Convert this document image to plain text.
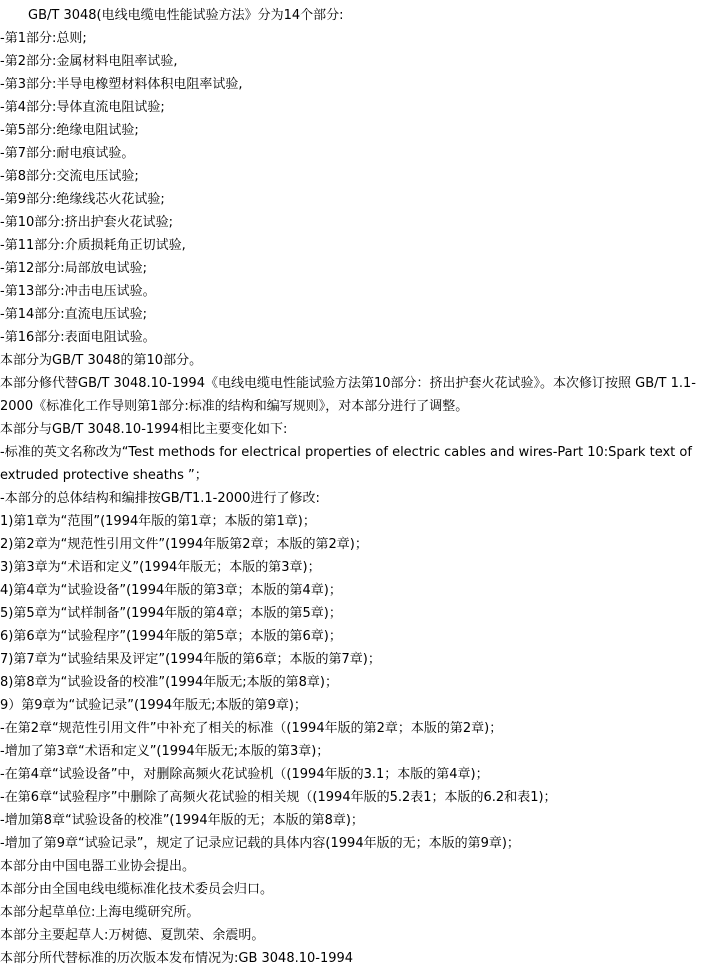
GB/T 3048(电线电缆电性能试验方法》分为14个部分:
-第1部分:总则;
-第2部分:金属材料电阻率试验,
-第3部分:半导电橡塑材料体积电阻率试验,
-第4部分:导体直流电阻试验;
-第5部分:绝缘电阻试验;
-第7部分:耐电痕试验。
-第8部分:交流电压试验;
-第9部分:绝缘线芯火花试验;
-第10部分:挤出护套火花试验;
-第11部分:介质损耗角正切试验,
-第12部分:局部放电试验;
-第13部分:冲击电压试验。
-第14部分:直流电压试验;
-第16部分:表面电阻试验。
本部分为GB/T 3048的第10部分。
本部分修代替GB/T 3048.10-1994《电线电缆电性能试验方法第10部分：挤出护套火花试验》。本次修订按照 GB/T 1.1-2000《标准化工作导则第1部分:标准的结构和编写规则》，对本部分进行了调整。
本部分与GB/T 3048.10-1994相比主要变化如下:
-标准的英文名称改为“Test methods for electrical properties of electric cables and wires-Part 10:Spark text of extruded protective sheaths ”；
-本部分的总体结构和编排按GB/T1.1-2000进行了修改:
1)第1章为“范围”(1994年版的第1章；本版的第1章)；
2)第2章为“规范性引用文件”(1994年版第2章；本版的第2章)；
3)第3章为“术语和定义”(1994年版无；本版的第3章)；
4)第4章为“试验设备”(1994年版的第3章；本版的第4章)；
5)第5章为“试样制备”(1994年版的第4章；本版的第5章)；
6)第6章为“试验程序”(1994年版的第5章；本版的第6章)；
7)第7章为“试验结果及评定”(1994年版的第6章；本版的第7章)；
8)第8章为“试验设备的校准”(1994年版无;本版的第8章)；
9）第9章为“试验记录”(1994年版无;本版的第9章)；
-在第2章“规范性引用文件”中补充了相关的标准（(1994年版的第2章；本版的第2章)；
-增加了第3章“术语和定义”(1994年版无;本版的第3章)；
-在第4章“试验设备”中，对删除高频火花试验机（(1994年版的3.1；本版的第4章)；
-在第6章“试验程序”中删除了高频火花试验的相关规（(1994年版的5.2表1；本版的6.2和表1)；
-增加第8章“试验设备的校准”(1994年版的无；本版的第8章)；
-增加了第9章“试验记录”，规定了记录应记载的具体内容(1994年版的无；本版的第9章)；
本部分由中国电器工业协会提出。
本部分由全国电线电缆标准化技术委员会归口。
本部分起草单位:上海电缆研究所。
本部分主要起草人:万树德、夏凯荣、余震明。
本部分所代替标准的历次版本发布情况为:GB 3048.10-1994
